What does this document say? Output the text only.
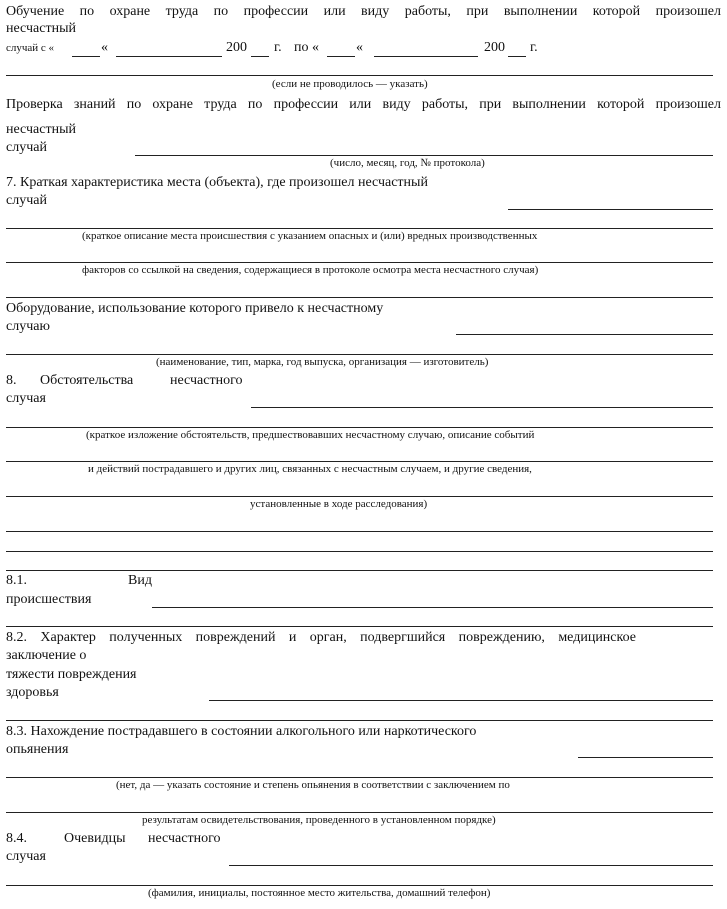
Обучение по охране труда по профессии или виду работы, при выполнении которой произошел
несчастный
случай с «	«	200 г. по «	«	200 г.
(если не проводилось — указать)
Проверка знаний по охране труда по профессии или виду работы, при выполнении которой произошел
несчастный
случай
(число, месяц, год, № протокола)
7. Краткая характеристика места (объекта), где произошел несчастный
случай
(краткое описание места происшествия с указанием опасных и (или) вредных производственных
факторов со ссылкой на сведения, содержащиеся в протоколе осмотра места несчастного случая)
Оборудование, использование которого привело к несчастному
случаю
(наименование, тип, марка, год выпуска, организация — изготовитель)
8. Обстоятельства	несчастного
случая
(краткое изложение обстоятельств, предшествовавших несчастному случаю, описание событий
и действий пострадавшего и других лиц, связанных с несчастным случаем, и другие сведения,
установленные в ходе расследования)
8.1.	Вид
происшествия
8.2. Характер полученных повреждений и орган, подвергшийся повреждению, медицинское
заключение о
тяжести повреждения
здоровья
8.3. Нахождение пострадавшего в состоянии алкогольного или наркотического
опьянения
(нет, да — указать состояние и степень опьянения в соответствии с заключением по
результатам освидетельствования, проведенного в установленном порядке)
8.4.	Очевидцы несчастного
случая
(фамилия, инициалы, постоянное место жительства, домашний телефон)
